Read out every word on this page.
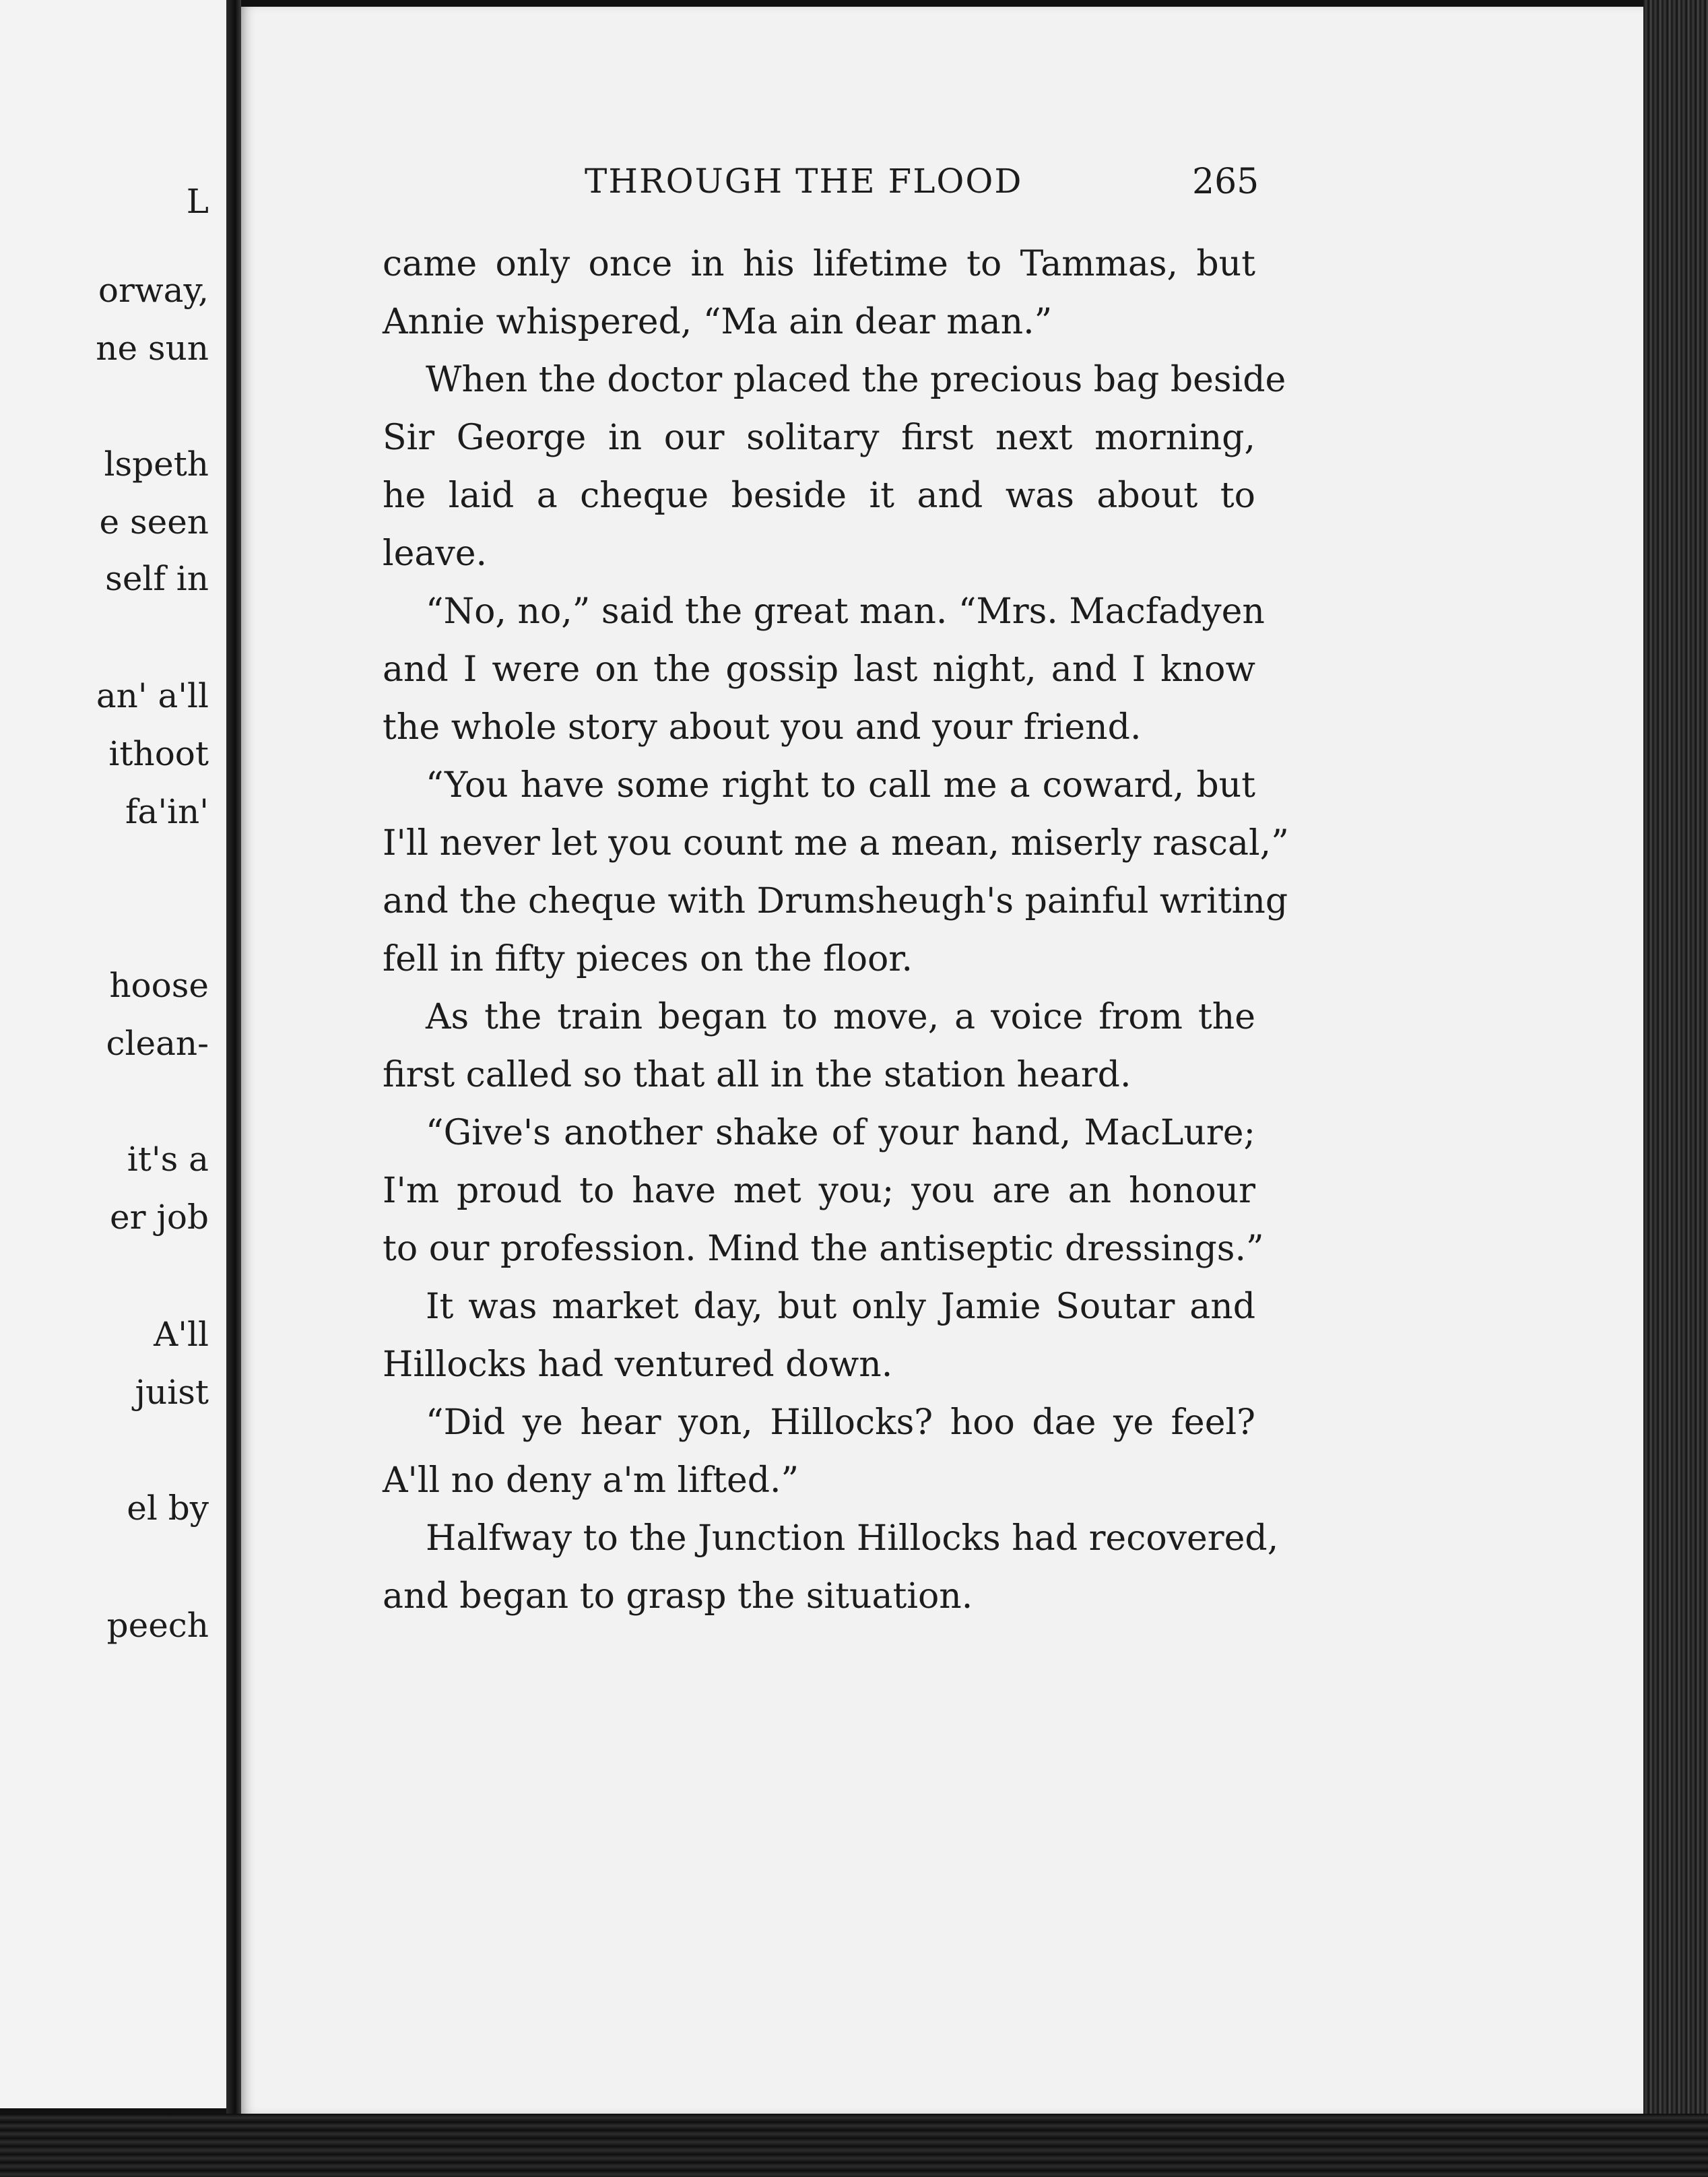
L
orway,
ne sun
lspeth
e seen
self in
an' a'll
ithoot
fa'in'
hoose
clean-
it's a
er job
A'll
juist
el by
peech
THROUGH THE FLOOD	265
came only once in his lifetime to Tammas, but
Annie whispered, “Ma ain dear man.”
When the doctor placed the precious bag beside
Sir George in our solitary first next morning,
he laid a cheque beside it and was about to
leave.
“No, no,” said the great man. “Mrs. Macfadyen
and I were on the gossip last night, and I know
the whole story about you and your friend.
“You have some right to call me a coward, but
I'll never let you count me a mean, miserly rascal,”
and the cheque with Drumsheugh's painful writing
fell in fifty pieces on the floor.
As the train began to move, a voice from the
first called so that all in the station heard.
“Give's another shake of your hand, MacLure;
I'm proud to have met you; you are an honour
to our profession. Mind the antiseptic dressings.”
It was market day, but only Jamie Soutar and
Hillocks had ventured down.
“Did ye hear yon, Hillocks? hoo dae ye feel?
A'll no deny a'm lifted.”
Halfway to the Junction Hillocks had recovered,
and began to grasp the situation.
